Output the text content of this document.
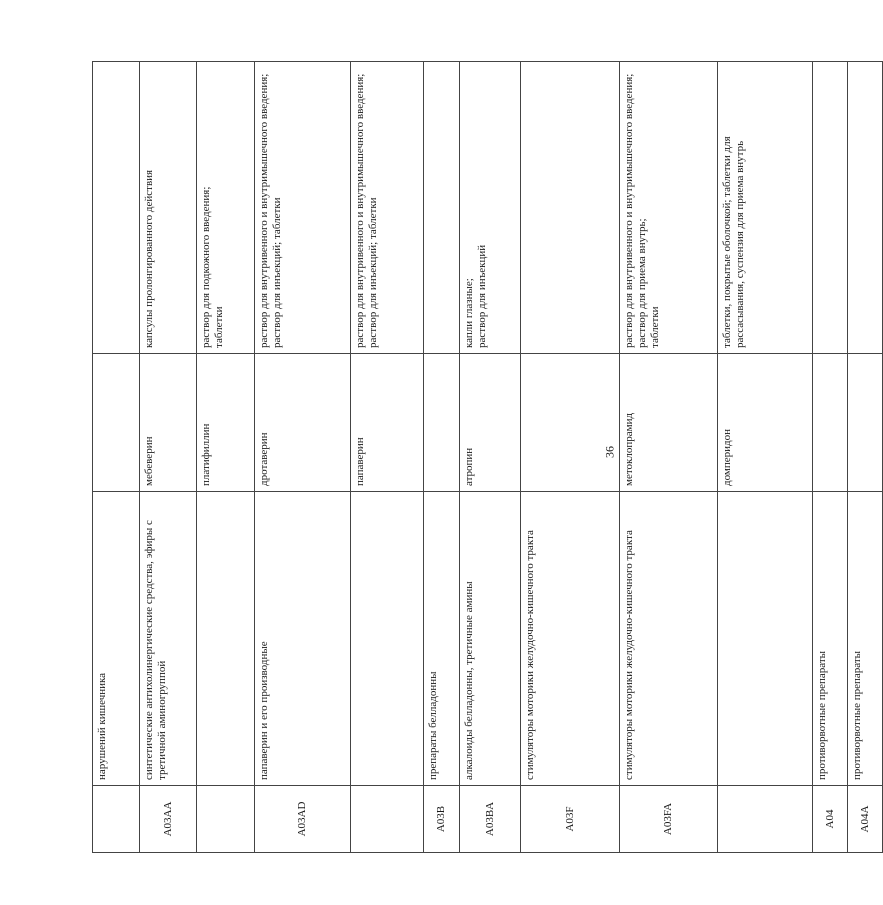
	нарушений кишечника		
A03AA	синтетические антихолинергические средства, эфиры с третичной аминогруппой	мебеверин	капсулы пролонгированного действия

		платифиллин	раствор для подкожного введения; таблетки

A03AD	папаверин и его производные	дротаверин	раствор для внутривенного и внутримышечного введения; раствор для инъекций; таблетки

		папаверин	раствор для внутривенного и внутримышечного введения; раствор для инъекций; таблетки

A03B	препараты белладонны		
A03BA	алкалоиды белладонны, третичные амины	атропин	капли глазные; раствор для инъекций

A03F	стимуляторы моторики желудочно-кишечного тракта		
A03FA	стимуляторы моторики желудочно-кишечного тракта	метоклопрамид	раствор для внутривенного и внутримышечного введения; раствор для приема внутрь; таблетки

		домперидон	таблетки, покрытые оболочкой; таблетки для рассасывания, суспензия для приема внутрь

A04	противорвотные препараты		
A04A	противорвотные препараты		
36
